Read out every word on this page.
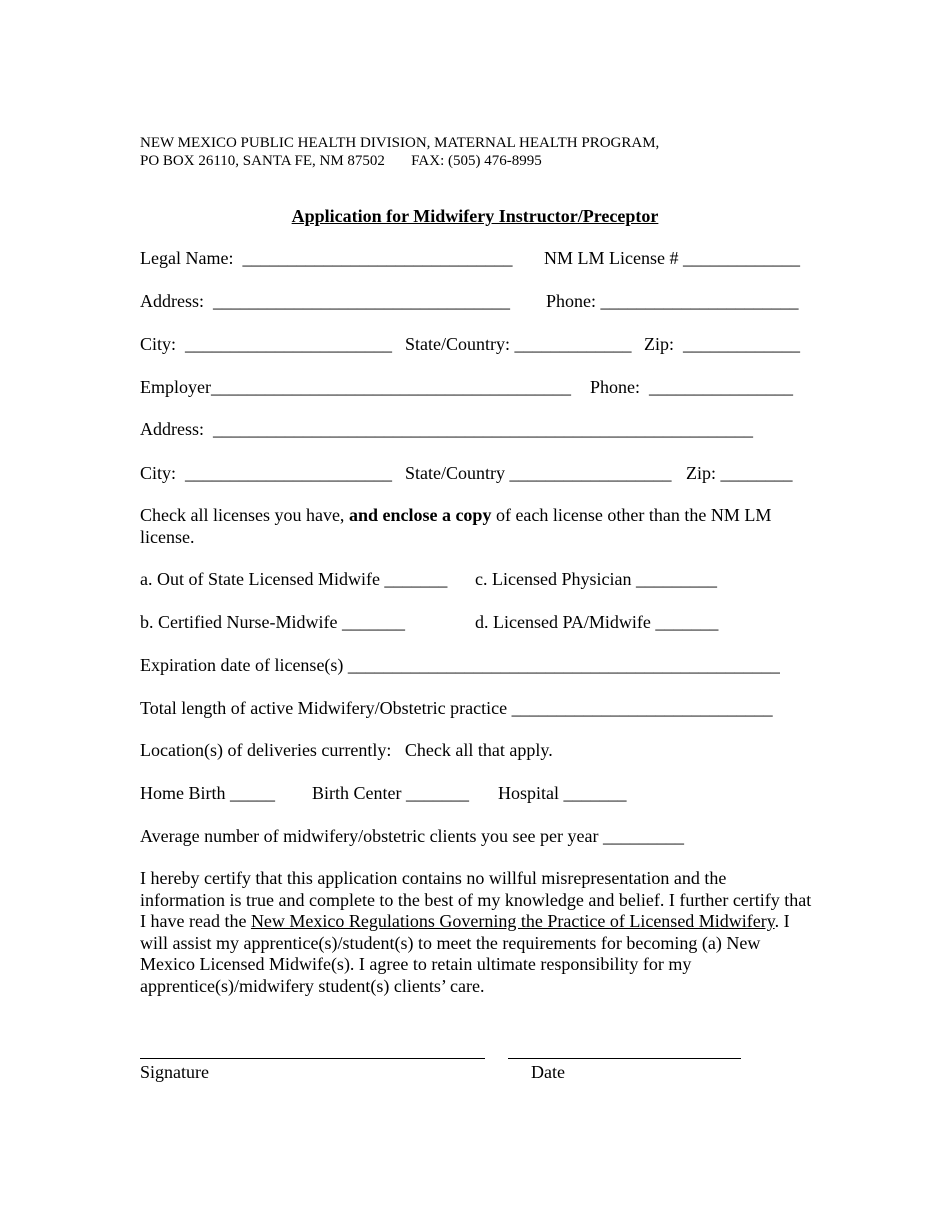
NEW MEXICO PUBLIC HEALTH DIVISION, MATERNAL HEALTH PROGRAM,
PO BOX 26110, SANTA FE, NM 87502       FAX: (505) 476-8995
Application for Midwifery Instructor/Preceptor
Legal Name:  ______________________________ NM LM License # _____________
Address:  _________________________________ Phone: ______________________
City:  _______________________ State/Country: _____________ Zip:  _____________
Employer________________________________________ Phone:  ________________
Address:  ____________________________________________________________
City:  _______________________ State/Country __________________ Zip: ________
Check all licenses you have, and enclose a copy of each license other than the NM LM license.
a. Out of State Licensed Midwife _______ c. Licensed Physician _________
b. Certified Nurse-Midwife _______	d. Licensed PA/Midwife _______
Expiration date of license(s) ________________________________________________
Total length of active Midwifery/Obstetric practice _____________________________
Location(s) of deliveries currently:   Check all that apply.
Home Birth _____ Birth Center _______ Hospital _______
Average number of midwifery/obstetric clients you see per year _________
I hereby certify that this application contains no willful misrepresentation and the information is true and complete to the best of my knowledge and belief. I further certify that I have read the New Mexico Regulations Governing the Practice of Licensed Midwifery. I will assist my apprentice(s)/student(s) to meet the requirements for becoming (a) New Mexico Licensed Midwife(s). I agree to retain ultimate responsibility for my apprentice(s)/midwifery student(s) clients’ care.
Signature	Date
